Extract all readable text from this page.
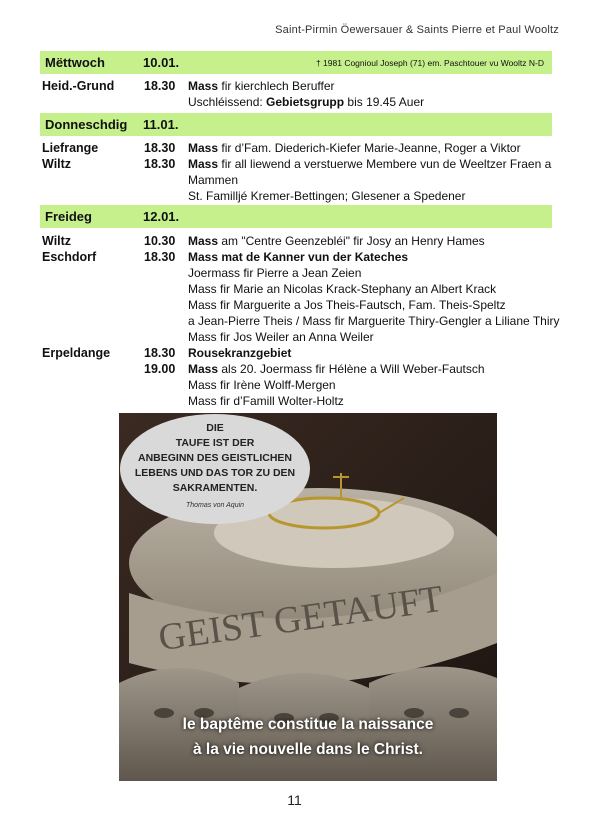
Saint-Pirmin Öewersauer & Saints Pierre et Paul Wooltz
Mëttwoch	10.01.	† 1981 Cognioul Joseph (71) em. Paschtouer vu Wooltz N-D
Heid.-Grund 18.30	Mass fir kierchlech Beruffer
Uschléissend: Gebietsgrupp bis 19.45 Auer
Donneschdig 11.01.
Liefrange	18.30	Mass fir d’Fam. Diederich-Kiefer Marie-Jeanne, Roger a Viktor
Wiltz	18.30	Mass fir all liewend a verstuerwe Membere vun de Weeltzer Fraen a
Mammen
St. Familljé Kremer-Bettingen; Glesener a Spedener
Freideg	12.01.
Wiltz	10.30	Mass am "Centre Geenzebléi" fir Josy an Henry Hames
Eschdorf	18.30	Mass mat de Kanner vun der Kateches
Joermass fir Pierre a Jean Zeien
Mass fir Marie an Nicolas Krack-Stephany an Albert Krack
Mass fir Marguerite a Jos Theis-Fautsch, Fam. Theis-Speltz
a Jean-Pierre Theis / Mass fir Marguerite Thiry-Gengler a Liliane Thiry
Mass fir Jos Weiler an Anna Weiler
Erpeldange	18.30	Rousekranzgebiet
19.00	Mass als 20. Joermass fir Hélène a Will Weber-Fautsch
Mass fir Irène Wolff-Mergen
Mass fir d’Famill Wolter-Holtz
GEIST GETAUFT
DIE
TAUFE IST DER
ANBEGINN DES GEISTLICHEN
LEBENS UND DAS TOR ZU DEN
SAKRAMENTEN.
Thomas von Aquin
le baptême constitue la naissance
à la vie nouvelle dans le Christ.
11
